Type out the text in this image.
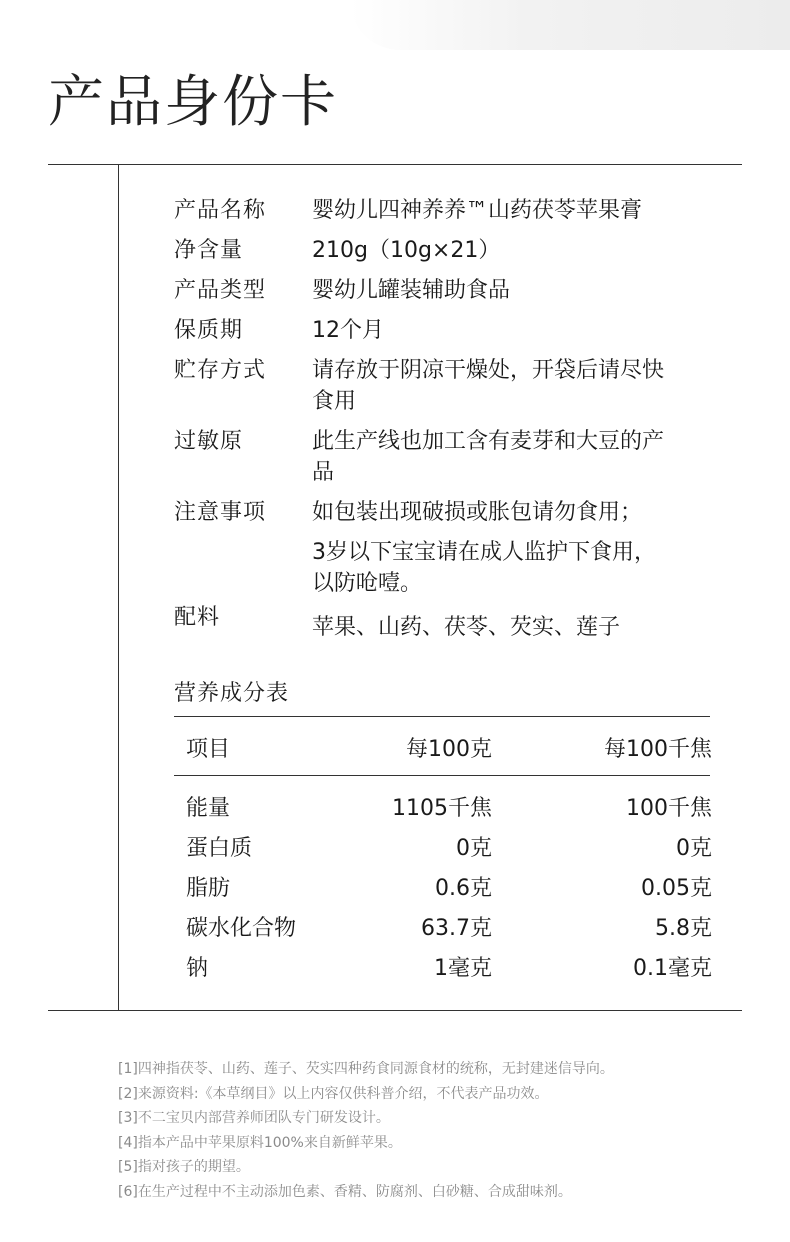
产品身份卡
产品名称	婴幼儿四神养养™山药茯苓苹果膏
净含量	210g（10g×21）
产品类型	婴幼儿罐装辅助食品
保质期	12个月
贮存方式	请存放于阴凉干燥处，开袋后请尽快
食用
过敏原	此生产线也加工含有麦芽和大豆的产
品
注意事项	如包装出现破损或胀包请勿食用；
3岁以下宝宝请在成人监护下食用，
以防呛噎。
配料	苹果、山药、茯苓、芡实、莲子
营养成分表
项目	每100克	每100千焦
能量	1105千焦	100千焦
蛋白质	0克	0克
脂肪	0.6克	0.05克
碳水化合物	63.7克	5.8克
钠	1毫克	0.1毫克
[1]四神指茯苓、山药、莲子、芡实四种药食同源食材的统称，无封建迷信导向。
[2]来源资料:《本草纲目》以上内容仅供科普介绍，不代表产品功效。
[3]不二宝贝内部营养师团队专门研发设计。
[4]指本产品中苹果原料100%来自新鲜苹果。
[5]指对孩子的期望。
[6]在生产过程中不主动添加色素、香精、防腐剂、白砂糖、合成甜味剂。
